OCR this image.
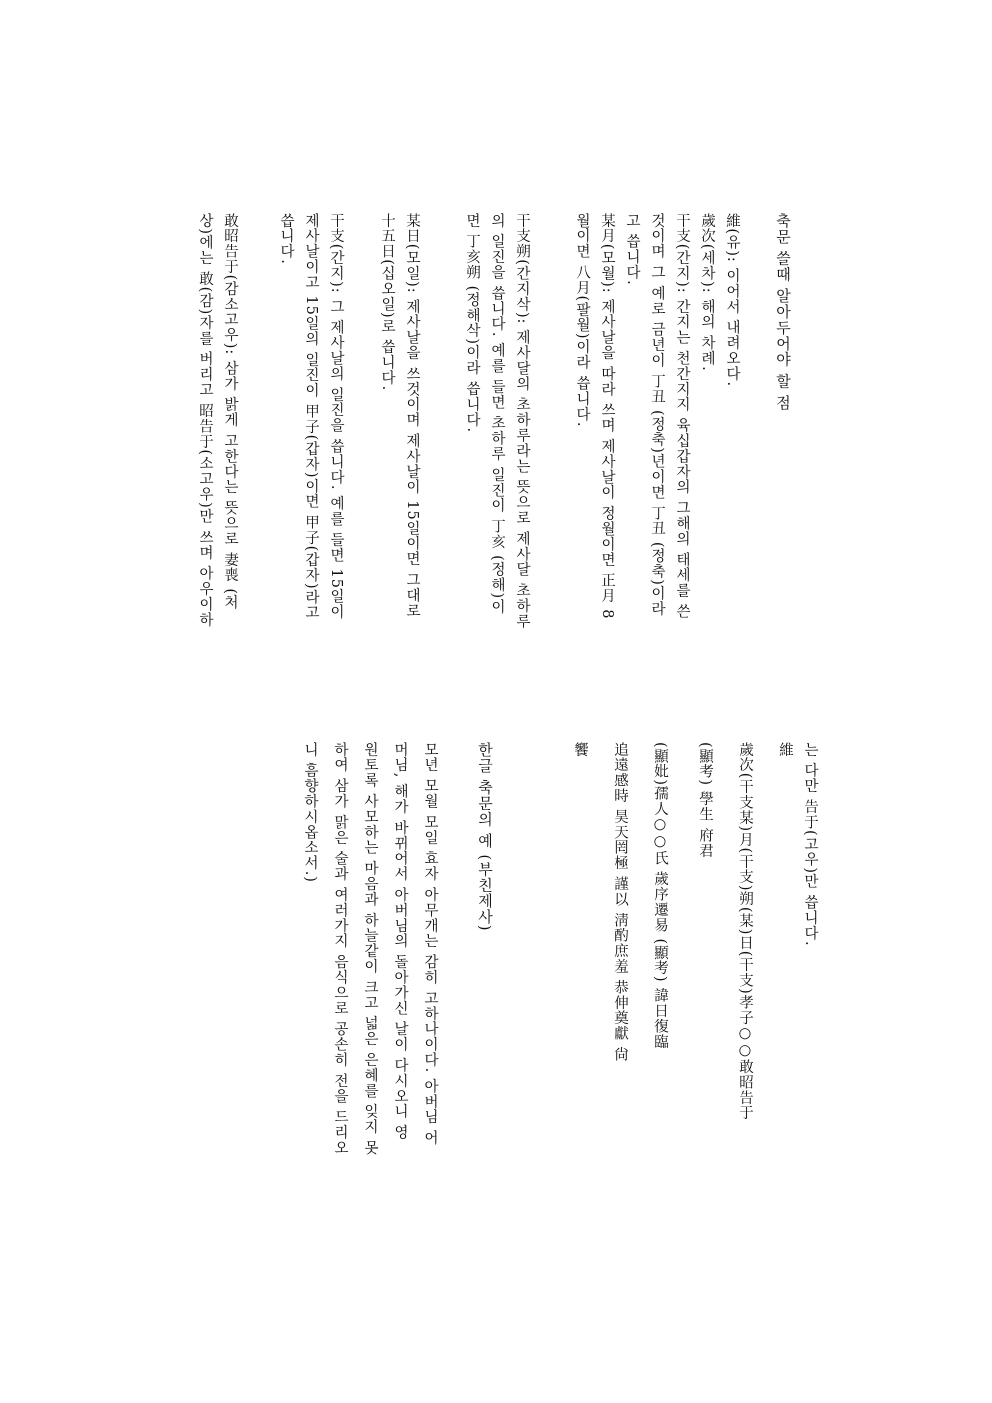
축문 쓸때 알아두어야 할 점
維(유): 이어서 내려오다.
歲次(세차): 해의 차례.
干支(간지): 간지는 천간지지 육십갑자의 그해의 태세를 쓴
것이며 그 예로 금년이 丁丑 (정축)년이면 丁丑 (정축)이라
고 씁니다.
某月(모월): 제사날을 따라 쓰며 제사날이 정월이면 正月 8
월이면 八月(팔월)이라 씁니다.
干支朔(간지삭): 제사달의 초하루라는 뜻으로 제사달 초하루
의 일진을 씁니다. 예를 들면 초하루 일진이 丁亥 (정해)이
면 丁亥朔 (정해삭)이라 씁니다.
某日(모일): 제사날을 쓰것이며 제사날이 15일이면 그대로
十五日(십오일)로 씁니다.
干支(간지): 그 제사날의 일진을 씁니다. 예를 들면 15일이
제사날이고 15일의 일진이 甲子(갑자)이면 甲子(갑자)라고
씁니다.
敢昭告于(감소고우): 삼가 밝게 고한다는 뜻으로 妻喪 (처
상)에는 敢(감)자를 버리고 昭告于(소고우)만 쓰며 아우이하
는 다만 告于(고우)만 씁니다.
維
歲次(干支某)月(干支)朔(某)日(干支)孝子○○敢昭告于
(顯考) 學生 府君
(顯妣)孺人○○氏 歲序遷易 (顯考) 諱日復臨
追遠感時 昊天罔極 謹以 淸酌庶羞 恭伸奠獻 尙
饗
한글 축문의 예 (부친제사)
모년 모월 모일 효자 아무개는 감히 고하나이다. 아버님 어
머님, 해가 바뀌어서 아버님의 돌아가신 날이 다시오니 영
원토록 사모하는 마음과 하늘같이 크고 넓은 은혜를 잊지 못
하여 삼가 맑은 술과 여러가지 음식으로 공손히 전을 드리오
니 흠향하시옵소서.)
